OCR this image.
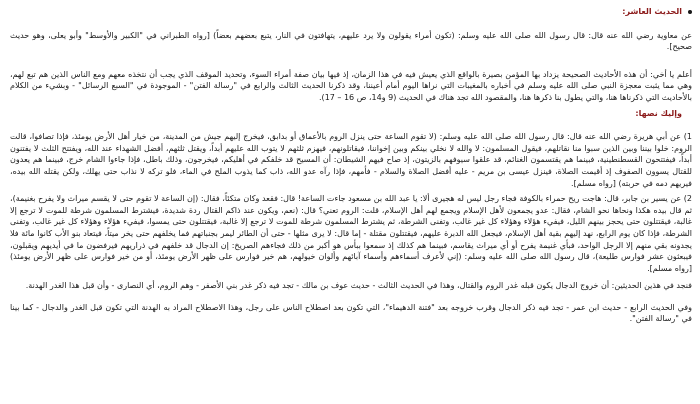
الحديث العاشر:

عن معاوية رضي الله عنه قال: قال رسول الله صلى الله عليه وسلم: (تكون أمراء يقولون ولا يرد عليهم، يتهافتون في النار، يتبع بعضهم بعضاً) [رواه الطبراني في "الكبير والأوسط" وأبو يعلى، وهو حديث صحيح].

أعلم يا أخي: أن هذه الأحاديث الصحيحة يزداد بها المؤمن بصيرة بالواقع الذي يعيش فيه في هذا الزمان، إذ فيها بيان صفة أمراء السوء، وتحديد الموقف الذي يجب أن نتخذه معهم ومع الناس الذين هم تبع لهم، وهي مما يثبت معجزة النبي صلى الله عليه وسلم في أخباره بالمغيبات التي نراها اليوم أمام أعيننا، وقد ذكرنا الحديث الثالث والرابع في "رسالة الفتن" - الموجودة في "السبع الرسائل" - وبشيء من الكلام بالأحاديث التي ذكرناها هنا، والتي يطول بنا ذكرها هنا، والمقصود الله تجد هناك في الحديث (9 و14، ص 16 – 17).

وإليك نصها:

1) عن أبي هريرة رضي الله عنه قال: قال رسول الله صلى الله عليه وسلم: (لا تقوم الساعة حتى ينزل الروم بالأعماق أو بدابق، فيخرج إليهم جيش من المدينة، من خيار أهل الأرض يومئذ، فإذا تصافوا، قالت الروم: خلوا بيننا وبين الذين سبوا منا نقاتلهم، فيقول المسلمون: لا والله لا نخلي بينكم وبين إخواننا، فيقاتلونهم، فيهزم ثلثهم لا يتوب الله عليهم أبداً، ويقتل ثلثهم، أفضل الشهداء عند الله، ويفتتح الثلث لا يفتنون أبداً، فيفتتحون القسطنطينية، فبينما هم يقتسمون الغنائم، قد علقوا سيوفهم بالزيتون، إذ صاح فيهم الشيطان: أن المسيح قد خلفكم في أهليكم، فيخرجون، وذلك باطل، فإذا جاءوا الشام خرج، فبينما هم يعدون للقتال يسوون الصفوف إذ أقيمت الصلاة، فينزل عيسى بن مريم - عليه أفضل الصلاة والسلام - فأمهم، فإذا رآه عدو الله، ذاب كما يذوب الملح في الماء، فلو تركه لا نذاب حتى يهلك، ولكن يقتله الله بيده، فيريهم دمه في حربته) [رواه مسلم].

2) عن يسير بن جابر، قال: هاجت ريح حمراء بالكوفة فجاء رجل ليس له هجيرى ألا: يا عبد الله بن مسعود جاءت الساعة! قال: فقعد وكان متكئاً، فقال: (إن الساعة لا تقوم حتى لا يقسم ميراث ولا يفرح بغنيمة)، ثم قال بيده هكذا ونحاها نحو الشام، فقال: عدو يجمعون لأهل الإسلام ويجمع لهم أهل الإسلام، قلت: الروم تعني؟ قال: (نعم، ويكون عند ذاكم القتال ردة شديدة، فيشترط المسلمون شرطة للموت لا ترجع إلا غالبة، فيقتتلون حتى يحجز بينهم الليل، فيفيء هؤلاء وهؤلاء كل غير غالب، وتفنى الشرطة، ثم يشترط المسلمون شرطة للموت لا ترجع إلا غالبة، فيقتتلون حتى يمسوا، فيفيء هؤلاء وهؤلاء كل غير غالب، وتفنى الشرطة، فإذا كان يوم الرابع، نهد إليهم بقية أهل الإسلام، فيجعل الله الدبرة عليهم، فيقتتلون مقتلة - إما قال: لا يرى مثلها - حتى أن الطائر ليمر بجنباتهم فما يخلفهم حتى يخر ميتاً، فيتعاد بنو الأب كانوا مائة فلا يجدونه بقي منهم إلا الرجل الواحد، فبأي غنيمة يفرح أو أي ميراث يقاسم، فبينما هم كذلك إذ سمعوا ببأس هو أكبر من ذلك فجاءهم الصريخ: إن الدجال قد خلفهم في ذراريهم فيرفضون ما في أيديهم ويقبلون، فيبعثون عشر فوارس طليعة)، قال رسول الله صلى الله عليه وسلم: (إني لأعرف أسماءهم وأسماء آبائهم وألوان خيولهم، هم خير فوارس على ظهر الأرض يومئذ، أو من خير فوارس على ظهر الأرض يومئذ) [رواه مسلم].

فنجد في هذين الحديثين: أن خروج الدجال يكون قبله غدر الروم والقتال، وهذا في الحديث الثالث - حديث عوف بن مالك - تجد فيه ذكر غدر بني الأصفر - وهم الروم، أي النصارى - وأن قبل هذا الغدر الهدنة.

وفي الحديث الرابع - حديث ابن عمر - تجد فيه ذكر الدجال وقرب خروجه بعد "فتنة الدهيماء"، التي تكون بعد اصطلاح الناس على رجل، وهذا الاصطلاح المراد به الهدنة التي تكون قبل الغدر والدجال - كما بينا في "رسالة الفتن".
